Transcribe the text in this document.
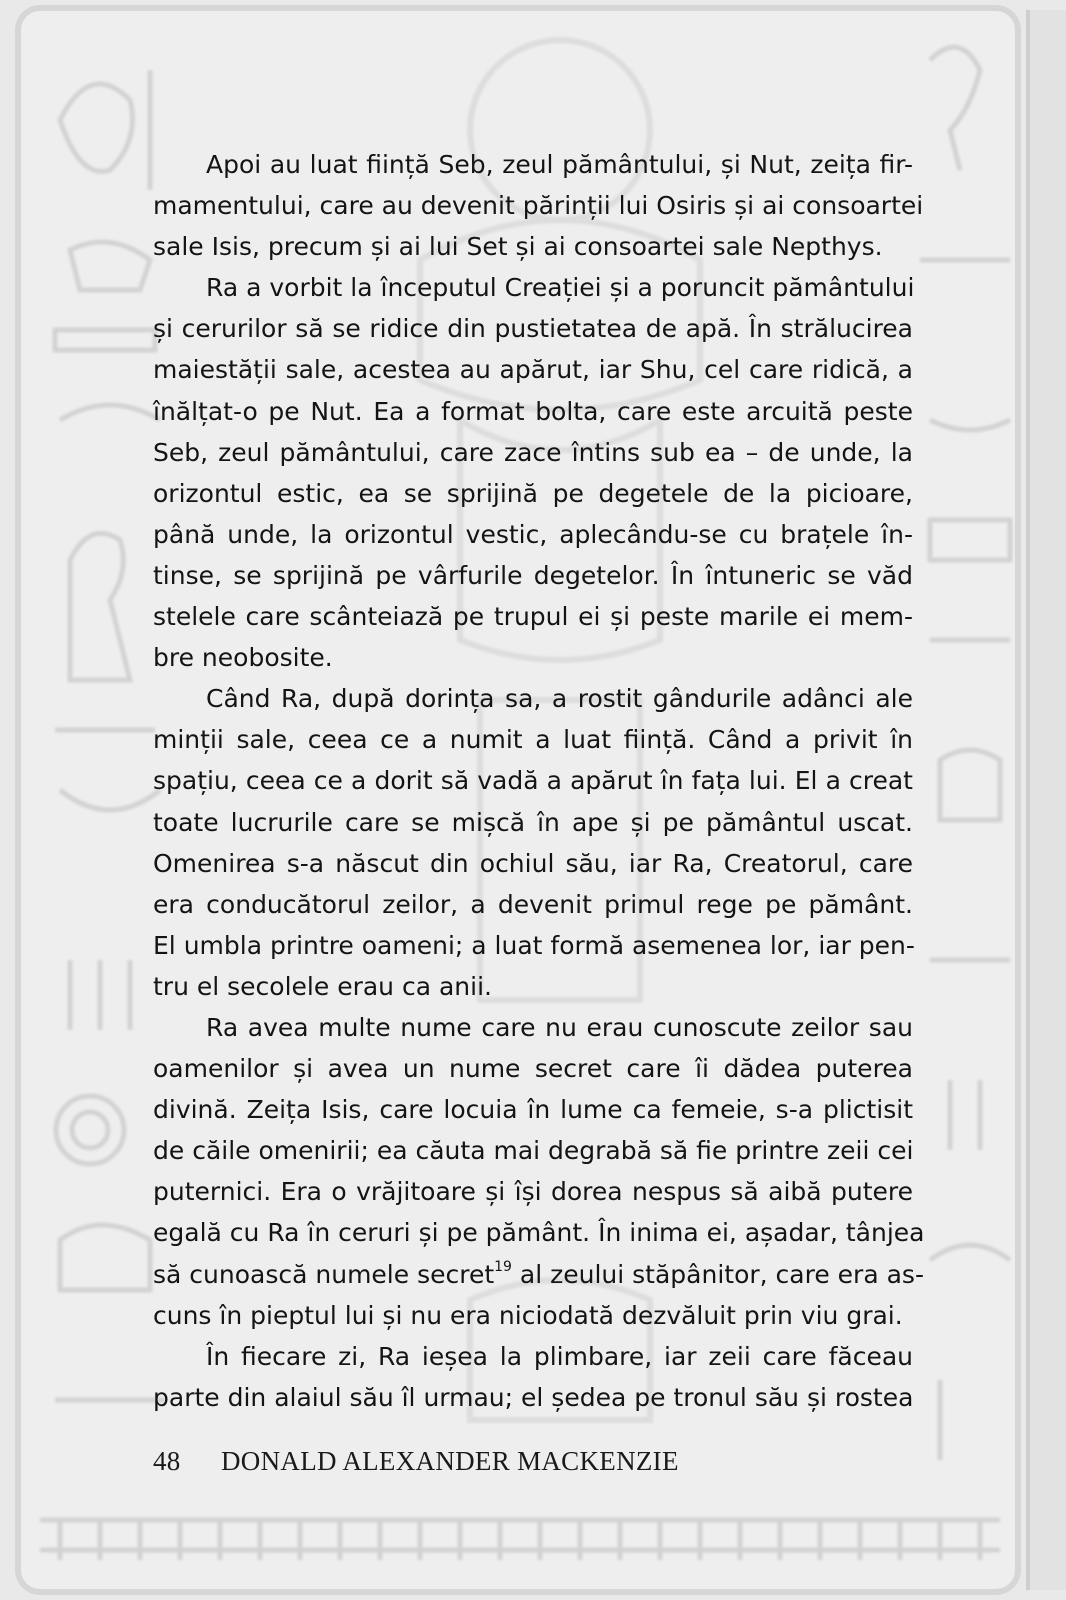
Apoi au luat ființă Seb, zeul pământului, și Nut, zeița fir-
mamentului, care au devenit părinții lui Osiris și ai consoartei
sale Isis, precum și ai lui Set și ai consoartei sale Nepthys.
Ra a vorbit la începutul Creației și a poruncit pământului
și cerurilor să se ridice din pustietatea de apă. În strălucirea
maiestății sale, acestea au apărut, iar Shu, cel care ridică, a
înălțat-o pe Nut. Ea a format bolta, care este arcuită peste
Seb, zeul pământului, care zace întins sub ea – de unde, la
orizontul estic, ea se sprijină pe degetele de la picioare,
până unde, la orizontul vestic, aplecându-se cu brațele în-
tinse, se sprijină pe vârfurile degetelor. În întuneric se văd
stelele care scânteiază pe trupul ei și peste marile ei mem-
bre neobosite.
Când Ra, după dorința sa, a rostit gândurile adânci ale
minții sale, ceea ce a numit a luat ființă. Când a privit în
spațiu, ceea ce a dorit să vadă a apărut în fața lui. El a creat
toate lucrurile care se mișcă în ape și pe pământul uscat.
Omenirea s-a născut din ochiul său, iar Ra, Creatorul, care
era conducătorul zeilor, a devenit primul rege pe pământ.
El umbla printre oameni; a luat formă asemenea lor, iar pen-
tru el secolele erau ca anii.
Ra avea multe nume care nu erau cunoscute zeilor sau
oamenilor și avea un nume secret care îi dădea puterea
divină. Zeița Isis, care locuia în lume ca femeie, s-a plictisit
de căile omenirii; ea căuta mai degrabă să fie printre zeii cei
puternici. Era o vrăjitoare și își dorea nespus să aibă putere
egală cu Ra în ceruri și pe pământ. În inima ei, așadar, tânjea
să cunoască numele secret$^{19}$ al zeului stăpânitor, care era as-
cuns în pieptul lui și nu era niciodată dezvăluit prin viu grai.
În fiecare zi, Ra ieșea la plimbare, iar zeii care făceau
parte din alaiul său îl urmau; el ședea pe tronul său și rostea
48 DONALD ALEXANDER MACKENZIE
